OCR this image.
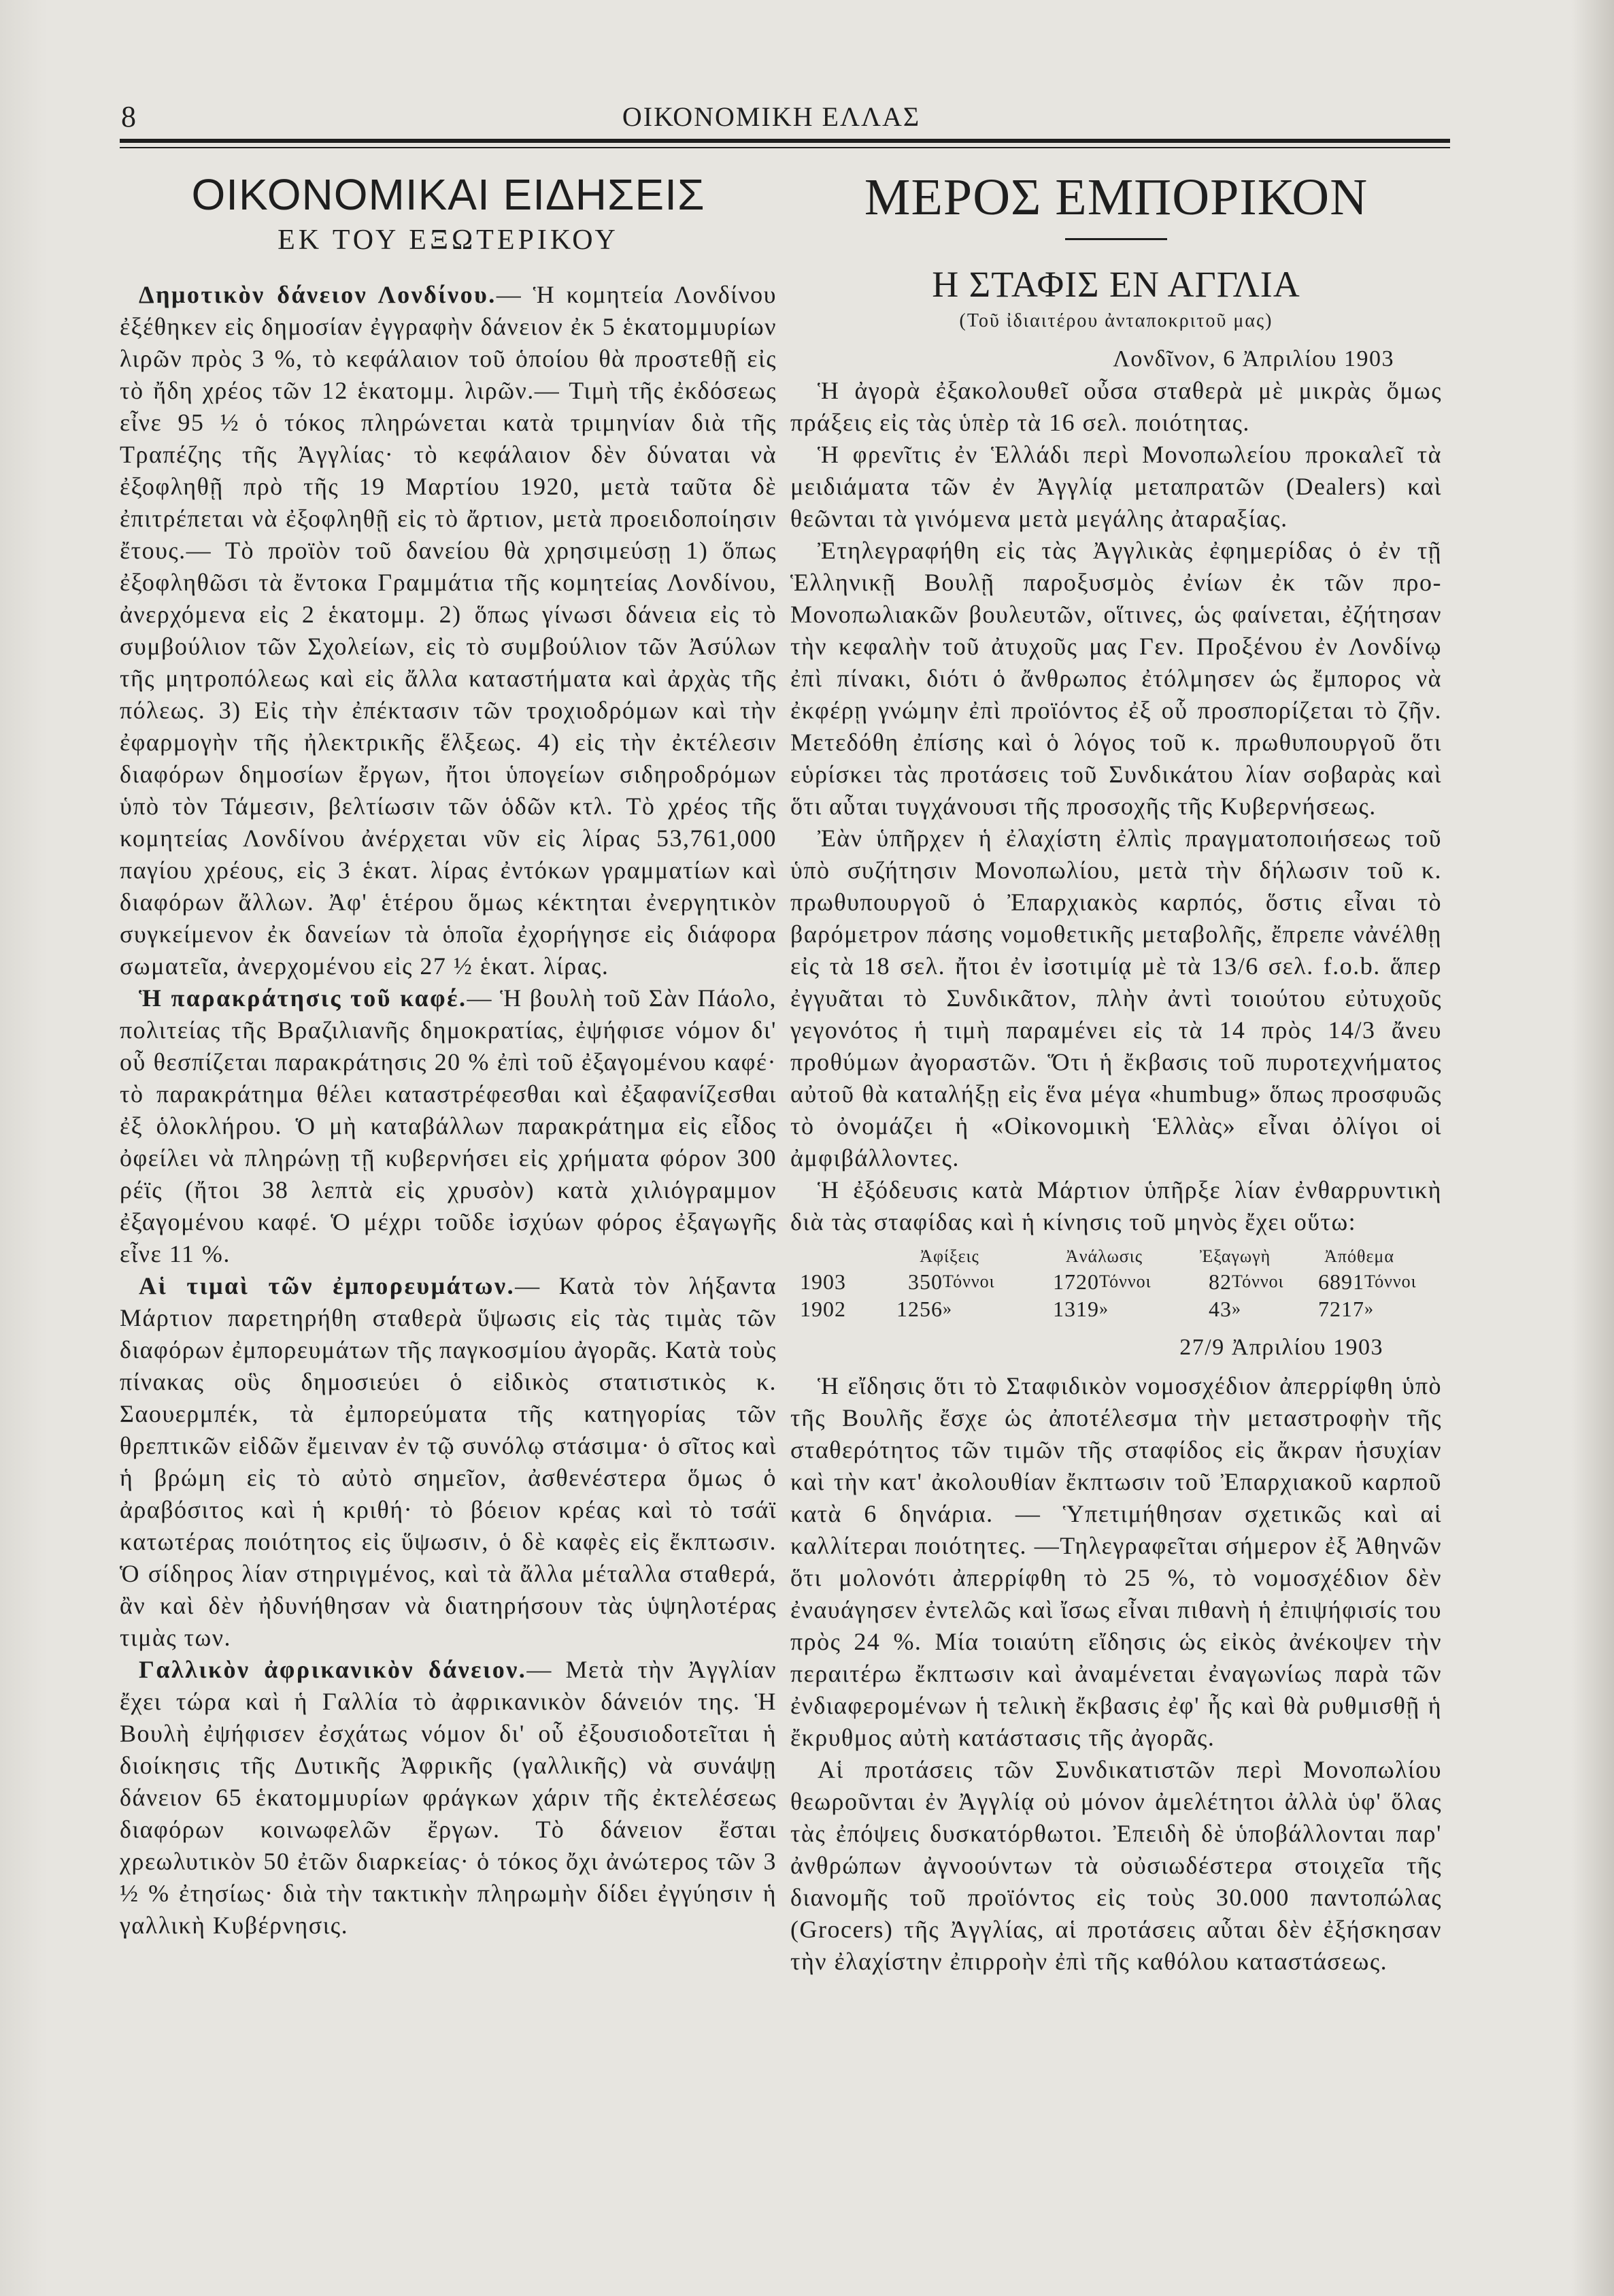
8	ΟΙΚΟΝΟΜΙΚΗ ΕΛΛΑΣ
ΟΙΚΟΝΟΜΙΚΑΙ ΕΙΔΗΣΕΙΣ
ΕΚ ΤΟΥ ΕΞΩΤΕΡΙΚΟΥ

Δημοτικὸν δάνειον Λονδίνου.— Ἡ κομητεία Λονδίνου ἐξέθηκεν εἰς δημοσίαν ἐγγραφὴν δάνειον ἐκ 5 ἑκατομμυρίων λιρῶν πρὸς 3 %, τὸ κεφάλαιον τοῦ ὁποίου θὰ προστεθῇ εἰς τὸ ἤδη χρέος τῶν 12 ἑκατομμ. λιρῶν.— Τιμὴ τῆς ἐκδόσεως εἶνε 95 ½ ὁ τόκος πληρώνεται κατὰ τριμηνίαν διὰ τῆς Τραπέζης τῆς Ἀγγλίας· τὸ κεφάλαιον δὲν δύναται νὰ ἐξοφληθῇ πρὸ τῆς 19 Μαρτίου 1920, μετὰ ταῦτα δὲ ἐπιτρέπεται νὰ ἐξοφληθῇ εἰς τὸ ἄρτιον, μετὰ προειδοποίησιν ἔτους.— Τὸ προϊὸν τοῦ δανείου θὰ χρησιμεύσῃ 1) ὅπως ἐξοφληθῶσι τὰ ἔντοκα Γραμμάτια τῆς κομητείας Λονδίνου, ἀνερχόμενα εἰς 2 ἑκατομμ. 2) ὅπως γίνωσι δάνεια εἰς τὸ συμβούλιον τῶν Σχολείων, εἰς τὸ συμβούλιον τῶν Ἀσύλων τῆς μητροπόλεως καὶ εἰς ἄλλα καταστήματα καὶ ἀρχὰς τῆς πόλεως. 3) Εἰς τὴν ἐπέκτασιν τῶν τροχιοδρόμων καὶ τὴν ἐφαρμογὴν τῆς ἠλεκτρικῆς ἕλξεως. 4) εἰς τὴν ἐκτέλεσιν διαφόρων δημοσίων ἔργων, ἤτοι ὑπογείων σιδηροδρόμων ὑπὸ τὸν Τάμεσιν, βελτίωσιν τῶν ὁδῶν κτλ. Τὸ χρέος τῆς κομητείας Λονδίνου ἀνέρχεται νῦν εἰς λίρας 53,761,000 παγίου χρέους, εἰς 3 ἑκατ. λίρας ἐντόκων γραμματίων καὶ διαφόρων ἄλλων. Ἀφ' ἑτέρου ὅμως κέκτηται ἐνεργητικὸν συγκείμενον ἐκ δανείων τὰ ὁποῖα ἐχορήγησε εἰς διάφορα σωματεῖα, ἀνερχομένου εἰς 27 ½ ἑκατ. λίρας.

Ἡ παρακράτησις τοῦ καφέ.— Ἡ βουλὴ τοῦ Σὰν Πάολο, πολιτείας τῆς Βραζιλιανῆς δημοκρατίας, ἐψήφισε νόμον δι' οὗ θεσπίζεται παρακράτησις 20 % ἐπὶ τοῦ ἐξαγομένου καφέ· τὸ παρακράτημα θέλει καταστρέφεσθαι καὶ ἐξαφανίζεσθαι ἐξ ὁλοκλήρου. Ὁ μὴ καταβάλλων παρακράτημα εἰς εἶδος ὀφείλει νὰ πληρώνῃ τῇ κυβερνήσει εἰς χρήματα φόρον 300 ρέϊς (ἤτοι 38 λεπτὰ εἰς χρυσὸν) κατὰ χιλιόγραμμον ἐξαγομένου καφέ. Ὁ μέχρι τοῦδε ἰσχύων φόρος ἐξαγωγῆς εἶνε 11 %.

Αἱ τιμαὶ τῶν ἐμπορευμάτων.— Κατὰ τὸν λήξαντα Μάρτιον παρετηρήθη σταθερὰ ὕψωσις εἰς τὰς τιμὰς τῶν διαφόρων ἐμπορευμάτων τῆς παγκοσμίου ἀγορᾶς. Κατὰ τοὺς πίνακας οὓς δημοσιεύει ὁ εἰδικὸς στατιστικὸς κ. Σαουερμπέκ, τὰ ἐμπορεύματα τῆς κατηγορίας τῶν θρεπτικῶν εἰδῶν ἔμειναν ἐν τῷ συνόλῳ στάσιμα· ὁ σῖτος καὶ ἡ βρώμη εἰς τὸ αὐτὸ σημεῖον, ἀσθενέστερα ὅμως ὁ ἀραβόσιτος καὶ ἡ κριθή· τὸ βόειον κρέας καὶ τὸ τσάϊ κατωτέρας ποιότητος εἰς ὕψωσιν, ὁ δὲ καφὲς εἰς ἔκπτωσιν. Ὁ σίδηρος λίαν στηριγμένος, καὶ τὰ ἄλλα μέταλλα σταθερά, ἂν καὶ δὲν ἠδυνήθησαν νὰ διατηρήσουν τὰς ὑψηλοτέρας τιμὰς των.

Γαλλικὸν ἀφρικανικὸν δάνειον.— Μετὰ τὴν Ἀγγλίαν ἔχει τώρα καὶ ἡ Γαλλία τὸ ἀφρικανικὸν δάνειόν της. Ἡ Βουλὴ ἐψήφισεν ἐσχάτως νόμον δι' οὗ ἐξουσιοδοτεῖται ἡ διοίκησις τῆς Δυτικῆς Ἀφρικῆς (γαλλικῆς) νὰ συνάψῃ δάνειον 65 ἑκατομμυρίων φράγκων χάριν τῆς ἐκτελέσεως διαφόρων κοινωφελῶν ἔργων. Τὸ δάνειον ἔσται χρεωλυτικὸν 50 ἐτῶν διαρκείας· ὁ τόκος ὄχι ἀνώτερος τῶν 3 ½ % ἐτησίως· διὰ τὴν τακτικὴν πληρωμὴν δίδει ἐγγύησιν ἡ γαλλικὴ Κυβέρνησις.

ΜΕΡΟΣ ΕΜΠΟΡΙΚΟΝ
Η ΣΤΑΦΙΣ ΕΝ ΑΓΓΛΙΑ
(Τοῦ ἰδιαιτέρου ἀνταποκριτοῦ μας)
Λονδῖνον, 6 Ἀπριλίου 1903

Ἡ ἀγορὰ ἐξακολουθεῖ οὖσα σταθερὰ μὲ μικρὰς ὅμως πράξεις εἰς τὰς ὑπὲρ τὰ 16 σελ. ποιότητας.

Ἡ φρενῖτις ἐν Ἑλλάδι περὶ Μονοπωλείου προκαλεῖ τὰ μειδιάματα τῶν ἐν Ἀγγλίᾳ μεταπρατῶν (Dealers) καὶ θεῶνται τὰ γινόμενα μετὰ μεγάλης ἀταραξίας.

Ἐτηλεγραφήθη εἰς τὰς Ἀγγλικὰς ἐφημερίδας ὁ ἐν τῇ Ἑλληνικῇ Βουλῇ παροξυσμὸς ἐνίων ἐκ τῶν προ-Μονοπωλιακῶν βουλευτῶν, οἵτινες, ὡς φαίνεται, ἐζήτησαν τὴν κεφαλὴν τοῦ ἀτυχοῦς μας Γεν. Προξένου ἐν Λονδίνῳ ἐπὶ πίνακι, διότι ὁ ἄνθρωπος ἐτόλμησεν ὡς ἔμπορος νὰ ἐκφέρῃ γνώμην ἐπὶ προϊόντος ἐξ οὗ προσπορίζεται τὸ ζῆν. Μετεδόθη ἐπίσης καὶ ὁ λόγος τοῦ κ. πρωθυπουργοῦ ὅτι εὑρίσκει τὰς προτάσεις τοῦ Συνδικάτου λίαν σοβαρὰς καὶ ὅτι αὗται τυγχάνουσι τῆς προσοχῆς τῆς Κυβερνήσεως.

Ἐὰν ὑπῆρχεν ἡ ἐλαχίστη ἐλπὶς πραγματοποιήσεως τοῦ ὑπὸ συζήτησιν Μονοπωλίου, μετὰ τὴν δήλωσιν τοῦ κ. πρωθυπουργοῦ ὁ Ἐπαρχιακὸς καρπός, ὅστις εἶναι τὸ βαρόμετρον πάσης νομοθετικῆς μεταβολῆς, ἔπρεπε νἀνέλθῃ εἰς τὰ 18 σελ. ἤτοι ἐν ἰσοτιμίᾳ μὲ τὰ 13/6 σελ. f.o.b. ἅπερ ἐγγυᾶται τὸ Συνδικᾶτον, πλὴν ἀντὶ τοιούτου εὐτυχοῦς γεγονότος ἡ τιμὴ παραμένει εἰς τὰ 14 πρὸς 14/3 ἄνευ προθύμων ἀγοραστῶν. Ὅτι ἡ ἔκβασις τοῦ πυροτεχνήματος αὐτοῦ θὰ καταλήξῃ εἰς ἕνα μέγα «humbug» ὅπως προσφυῶς τὸ ὀνομάζει ἡ «Οἰκονομικὴ Ἑλλὰς» εἶναι ὀλίγοι οἱ ἀμφιβάλλοντες.

Ἡ ἐξόδευσις κατὰ Μάρτιον ὑπῆρξε λίαν ἐνθαρρυντικὴ διὰ τὰς σταφίδας καὶ ἡ κίνησις τοῦ μηνὸς ἔχει οὕτω:

	Ἀφίξεις		Ἀνάλωσις		Ἐξαγωγὴ		Ἀπόθεμα	
1903	350	Τόννοι	1720	Τόννοι	82	Τόννοι	6891	Τόννοι
1902	1256	»	1319	»	43	»	7217	»
27/9 Ἀπριλίου 1903

Ἡ εἴδησις ὅτι τὸ Σταφιδικὸν νομοσχέδιον ἀπερρίφθη ὑπὸ τῆς Βουλῆς ἔσχε ὡς ἀποτέλεσμα τὴν μεταστροφὴν τῆς σταθερότητος τῶν τιμῶν τῆς σταφίδος εἰς ἄκραν ἡσυχίαν καὶ τὴν κατ' ἀκολουθίαν ἔκπτωσιν τοῦ Ἐπαρχιακοῦ καρποῦ κατὰ 6 δηνάρια. — Ὑπετιμήθησαν σχετικῶς καὶ αἱ καλλίτεραι ποιότητες. —Τηλεγραφεῖται σήμερον ἐξ Ἀθηνῶν ὅτι μολονότι ἀπερρίφθη τὸ 25 %, τὸ νομοσχέδιον δὲν ἐναυάγησεν ἐντελῶς καὶ ἴσως εἶναι πιθανὴ ἡ ἐπιψήφισίς του πρὸς 24 %. Μία τοιαύτη εἴδησις ὡς εἰκὸς ἀνέκοψεν τὴν περαιτέρω ἔκπτωσιν καὶ ἀναμένεται ἐναγωνίως παρὰ τῶν ἐνδιαφερομένων ἡ τελικὴ ἔκβασις ἐφ' ἧς καὶ θὰ ρυθμισθῇ ἡ ἔκρυθμος αὐτὴ κατάστασις τῆς ἀγορᾶς.

Αἱ προτάσεις τῶν Συνδικατιστῶν περὶ Μονοπωλίου θεωροῦνται ἐν Ἀγγλίᾳ οὐ μόνον ἀμελέτητοι ἀλλὰ ὑφ' ὅλας τὰς ἐπόψεις δυσκατόρθωτοι. Ἐπειδὴ δὲ ὑποβάλλονται παρ' ἀνθρώπων ἀγνοούντων τὰ οὐσιωδέστερα στοιχεῖα τῆς διανομῆς τοῦ προϊόντος εἰς τοὺς 30.000 παντοπώλας (Grocers) τῆς Ἀγγλίας, αἱ προτάσεις αὗται δὲν ἐξήσκησαν τὴν ἐλαχίστην ἐπιρροὴν ἐπὶ τῆς καθόλου καταστάσεως.
